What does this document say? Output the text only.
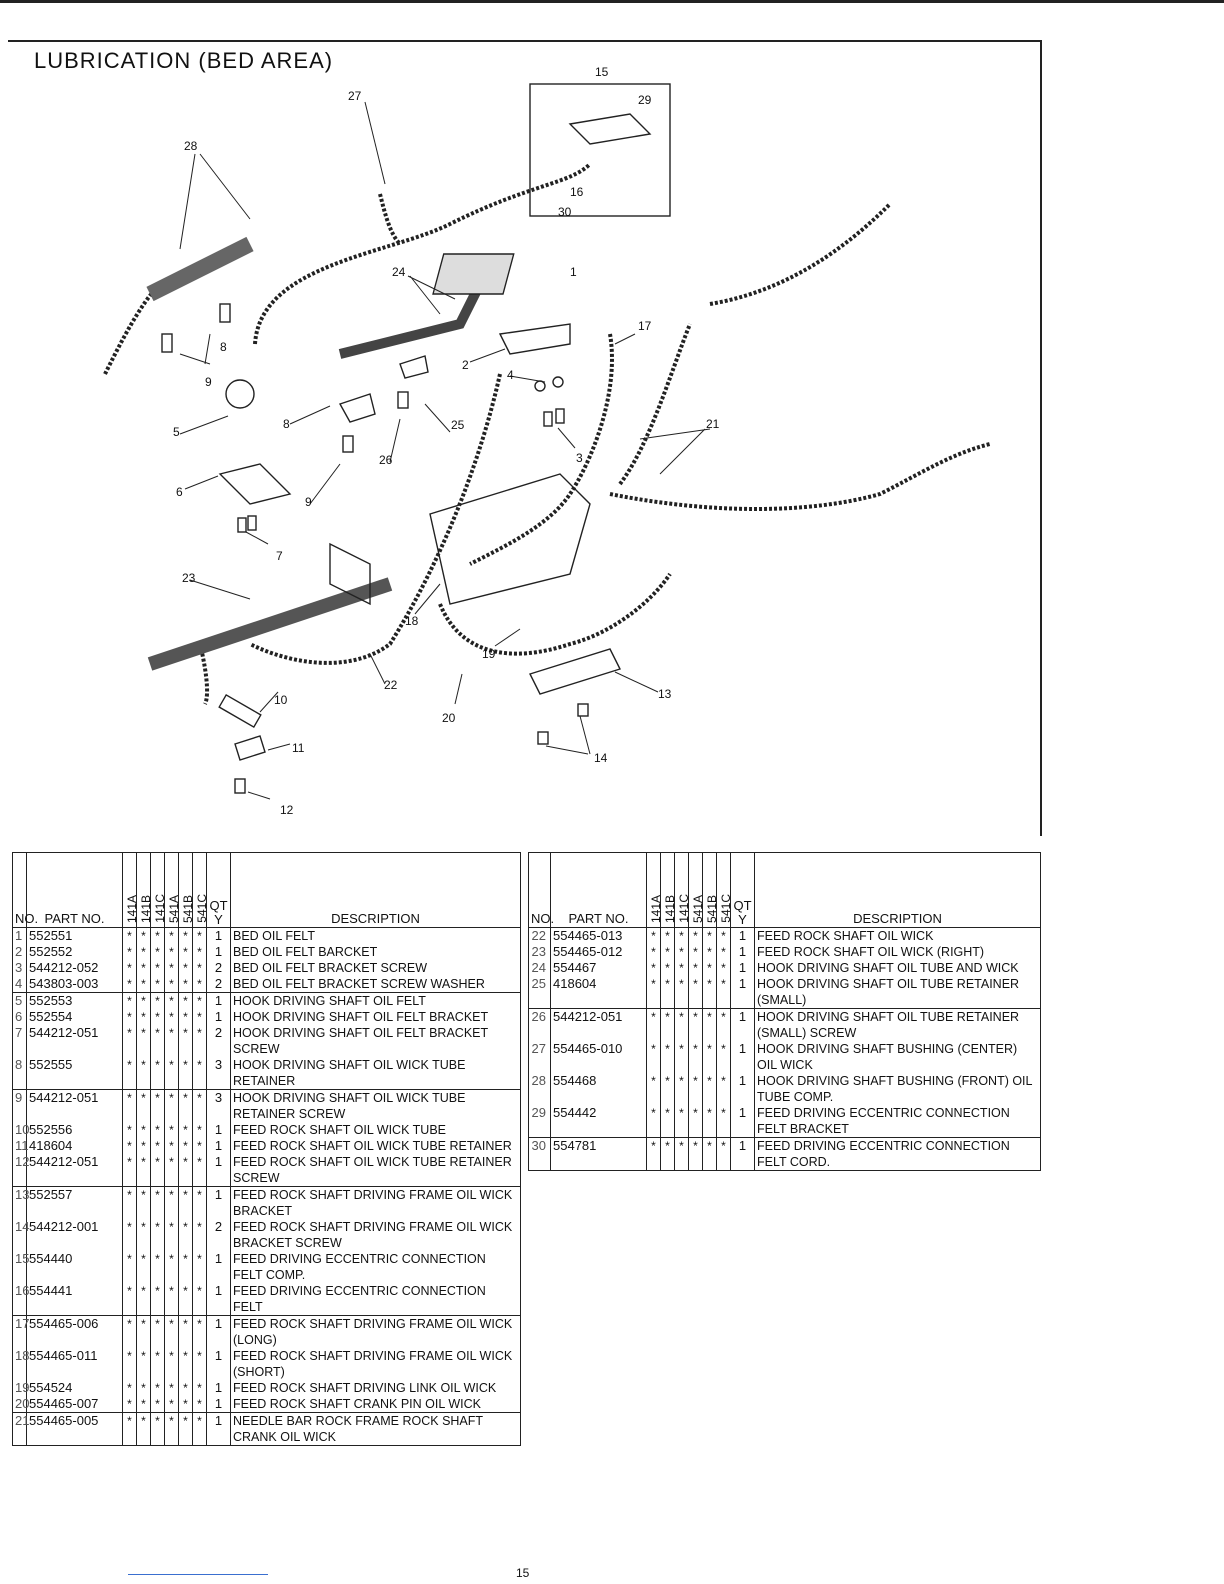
LUBRICATION (BED AREA)
1
2
3
4
5
6
7
8
8
9
9
10
11
12
13
14
15
16
17
18
19
20
21
22
23
24
25
26
27
28
29
30
NO.	PART NO.	141A	141B	141C	541A	541B	541C	QTY	DESCRIPTION
1	552551	*	*	*	*	*	*	1	BED OIL FELT
2	552552	*	*	*	*	*	*	1	BED OIL FELT BARCKET
3	544212-052	*	*	*	*	*	*	2	BED OIL FELT BRACKET SCREW
4	543803-003	*	*	*	*	*	*	2	BED OIL FELT BRACKET SCREW WASHER
5	552553	*	*	*	*	*	*	1	HOOK DRIVING SHAFT OIL FELT
6	552554	*	*	*	*	*	*	1	HOOK DRIVING SHAFT OIL FELT BRACKET
7	544212-051	*	*	*	*	*	*	2	HOOK DRIVING SHAFT OIL FELT BRACKET SCREW
8	552555	*	*	*	*	*	*	3	HOOK DRIVING SHAFT OIL WICK TUBE RETAINER
9	544212-051	*	*	*	*	*	*	3	HOOK DRIVING SHAFT OIL WICK TUBE RETAINER SCREW
10	552556	*	*	*	*	*	*	1	FEED ROCK SHAFT OIL WICK TUBE
11	418604	*	*	*	*	*	*	1	FEED ROCK SHAFT OIL WICK TUBE RETAINER
12	544212-051	*	*	*	*	*	*	1	FEED ROCK SHAFT OIL WICK TUBE RETAINER SCREW
13	552557	*	*	*	*	*	*	1	FEED ROCK SHAFT DRIVING FRAME OIL WICK BRACKET
14	544212-001	*	*	*	*	*	*	2	FEED ROCK SHAFT DRIVING FRAME OIL WICK BRACKET SCREW
15	554440	*	*	*	*	*	*	1	FEED DRIVING ECCENTRIC CONNECTION FELT COMP.
16	554441	*	*	*	*	*	*	1	FEED DRIVING ECCENTRIC CONNECTION FELT
17	554465-006	*	*	*	*	*	*	1	FEED ROCK SHAFT DRIVING FRAME OIL WICK (LONG)
18	554465-011	*	*	*	*	*	*	1	FEED ROCK SHAFT DRIVING FRAME OIL WICK (SHORT)
19	554524	*	*	*	*	*	*	1	FEED ROCK SHAFT DRIVING LINK OIL WICK
20	554465-007	*	*	*	*	*	*	1	FEED ROCK SHAFT CRANK PIN OIL WICK
21	554465-005	*	*	*	*	*	*	1	NEEDLE BAR ROCK FRAME ROCK SHAFT CRANK OIL WICK
NO.	PART NO.	141A	141B	141C	541A	541B	541C	QTY	DESCRIPTION
22	554465-013	*	*	*	*	*	*	1	FEED ROCK SHAFT OIL WICK
23	554465-012	*	*	*	*	*	*	1	FEED ROCK SHAFT OIL WICK (RIGHT)
24	554467	*	*	*	*	*	*	1	HOOK DRIVING SHAFT OIL TUBE AND WICK
25	418604	*	*	*	*	*	*	1	HOOK DRIVING SHAFT OIL TUBE RETAINER (SMALL)
26	544212-051	*	*	*	*	*	*	1	HOOK DRIVING SHAFT OIL TUBE RETAINER (SMALL) SCREW
27	554465-010	*	*	*	*	*	*	1	HOOK DRIVING SHAFT BUSHING (CENTER) OIL WICK
28	554468	*	*	*	*	*	*	1	HOOK DRIVING SHAFT BUSHING (FRONT) OIL TUBE COMP.
29	554442	*	*	*	*	*	*	1	FEED DRIVING ECCENTRIC CONNECTION FELT BRACKET
30	554781	*	*	*	*	*	*	1	FEED DRIVING ECCENTRIC CONNECTION FELT CORD.
15
